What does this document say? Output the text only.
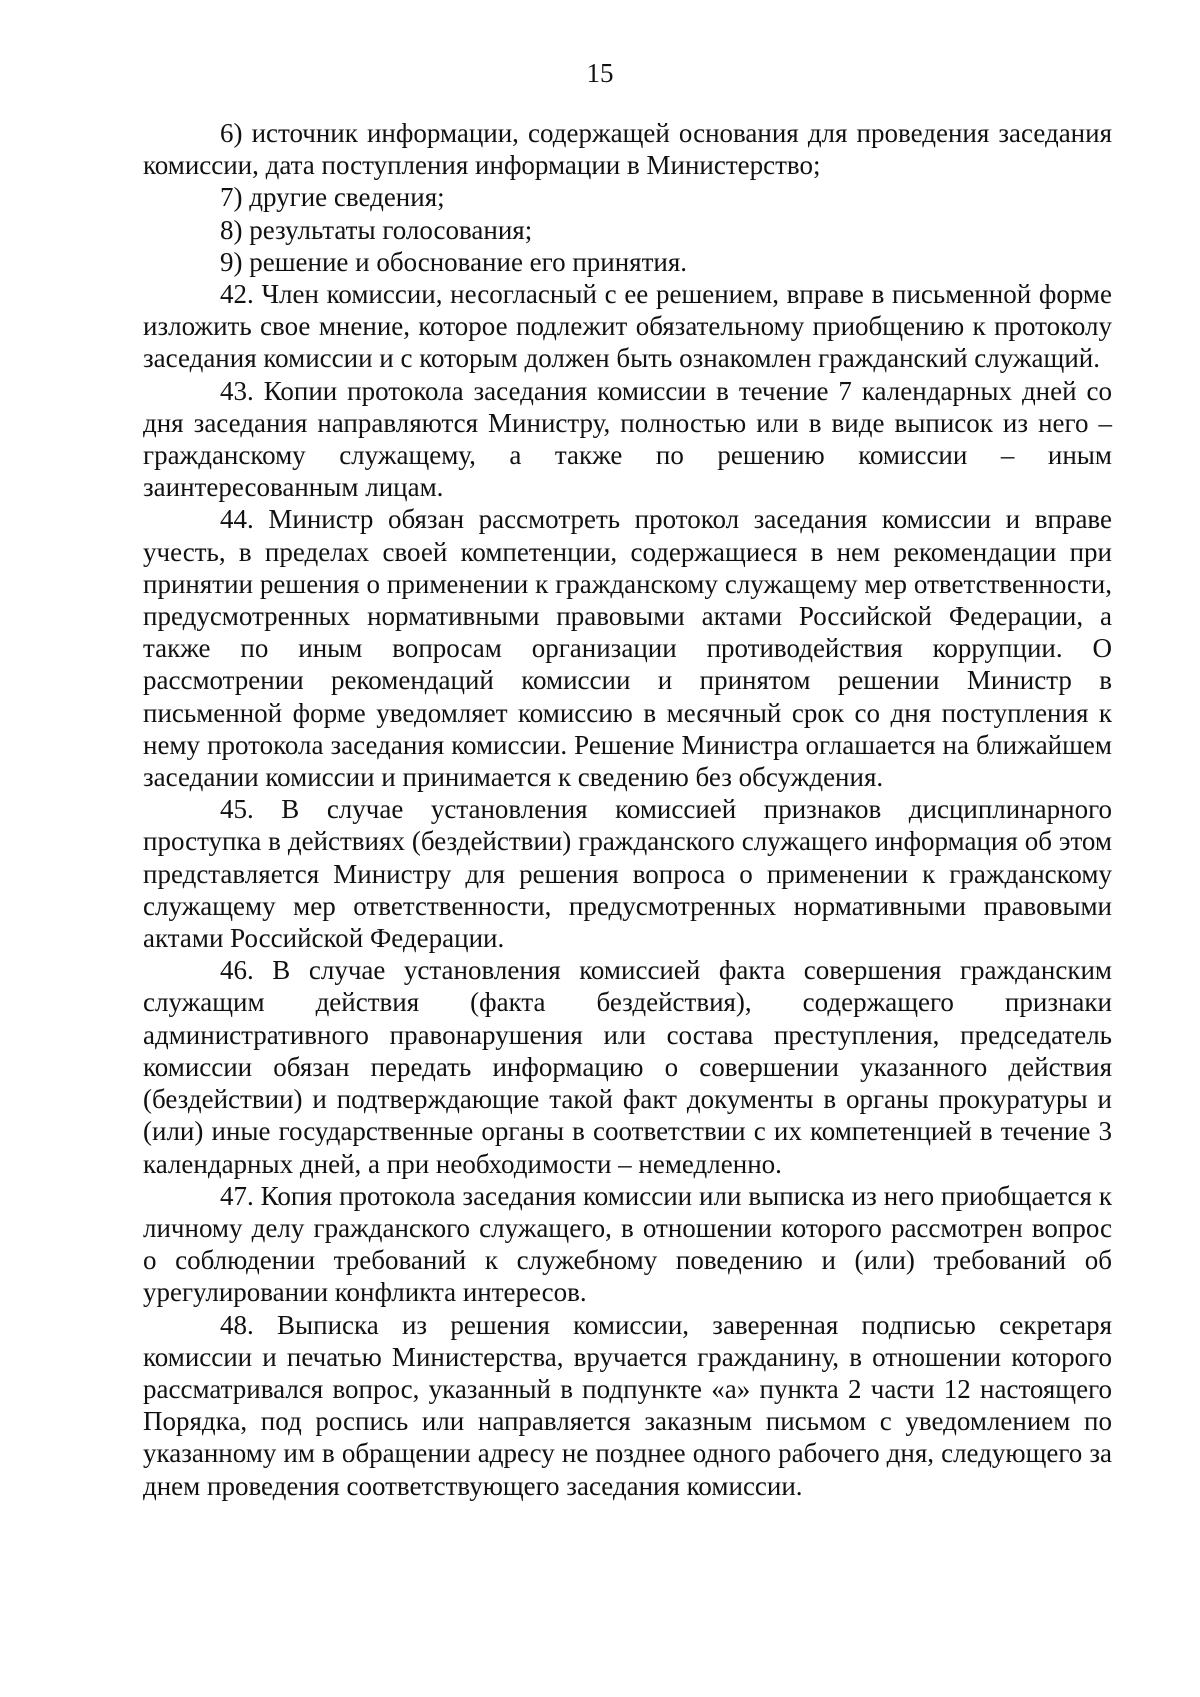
15

6) источник информации, содержащей основания для проведения заседания комиссии, дата поступления информации в Министерство;

7) другие сведения;

8) результаты голосования;

9) решение и обоснование его принятия.

42. Член комиссии, несогласный с ее решением, вправе в письменной форме изложить свое мнение, которое подлежит обязательному приобщению к протоколу заседания комиссии и с которым должен быть ознакомлен гражданский служащий.

43. Копии протокола заседания комиссии в течение 7 календарных дней со дня заседания направляются Министру, полностью или в виде выписок из него – гражданскому служащему, а также по решению комиссии – иным заинтересованным лицам.

44. Министр обязан рассмотреть протокол заседания комиссии и вправе учесть, в пределах своей компетенции, содержащиеся в нем рекомендации при принятии решения о применении к гражданскому служащему мер ответственности, предусмотренных нормативными правовыми актами Российской Федерации, а также по иным вопросам организации противодействия коррупции. О рассмотрении рекомендаций комиссии и принятом решении Министр в письменной форме уведомляет комиссию в месячный срок со дня поступления к нему протокола заседания комиссии. Решение Министра оглашается на ближайшем заседании комиссии и принимается к сведению без обсуждения.

45. В случае установления комиссией признаков дисциплинарного проступка в действиях (бездействии) гражданского служащего информация об этом представляется Министру для решения вопроса о применении к гражданскому служащему мер ответственности, предусмотренных нормативными правовыми актами Российской Федерации.

46. В случае установления комиссией факта совершения гражданским служащим действия (факта бездействия), содержащего признаки административного правонарушения или состава преступления, председатель комиссии обязан передать информацию о совершении указанного действия (бездействии) и подтверждающие такой факт документы в органы прокуратуры и (или) иные государственные органы в соответствии с их компетенцией в течение 3 календарных дней, а при необходимости – немедленно.

47. Копия протокола заседания комиссии или выписка из него приобщается к личному делу гражданского служащего, в отношении которого рассмотрен вопрос о соблюдении требований к служебному поведению и (или) требований об урегулировании конфликта интересов.

48. Выписка из решения комиссии, заверенная подписью секретаря комиссии и печатью Министерства, вручается гражданину, в отношении которого рассматривался вопрос, указанный в подпункте «а» пункта 2 части 12 настоящего Порядка, под роспись или направляется заказным письмом с уведомлением по указанному им в обращении адресу не позднее одного рабочего дня, следующего за днем проведения соответствующего заседания комиссии.
